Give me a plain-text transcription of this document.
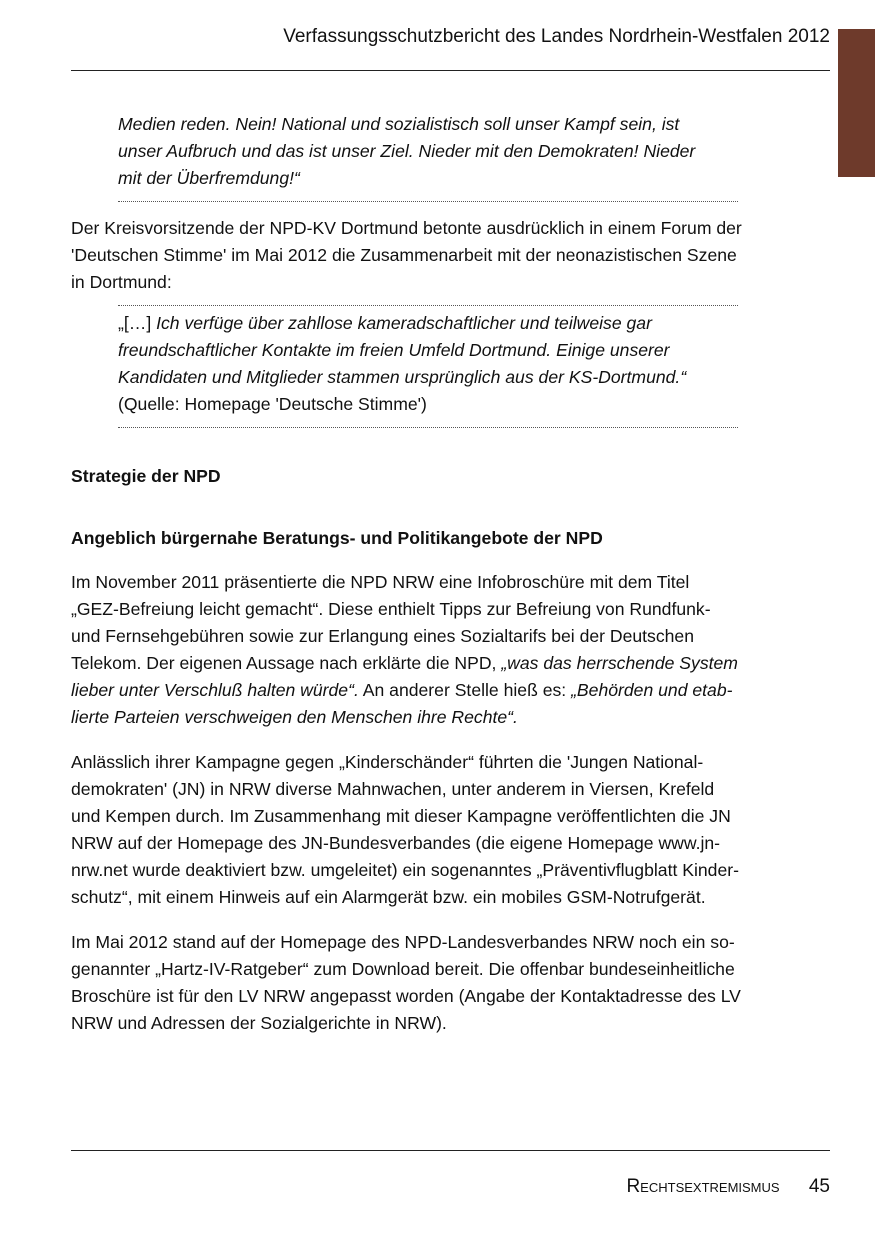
Verfassungsschutzbericht des Landes Nordrhein-Westfalen 2012

Medien reden. Nein! National und sozialistisch soll unser Kampf sein, ist

unser Aufbruch und das ist unser Ziel. Nieder mit den Demokraten! Nieder

mit der Überfremdung!“

Der Kreisvorsitzende der NPD-KV Dortmund betonte ausdrücklich in einem Forum der

'Deutschen Stimme' im Mai 2012 die Zusammenarbeit mit der neonazistischen Szene

in Dortmund:

„[…] Ich verfüge über zahllose kameradschaftlicher und teilweise gar

freundschaftlicher Kontakte im freien Umfeld Dortmund. Einige unserer

Kandidaten und Mitglieder stammen ursprünglich aus der KS-Dortmund.“

(Quelle: Homepage 'Deutsche Stimme')

Strategie der NPD

Angeblich bürgernahe Beratungs- und Politikangebote der NPD

Im November 2011 präsentierte die NPD NRW eine Infobroschüre mit dem Titel

„GEZ-Befreiung leicht gemacht“. Diese enthielt Tipps zur Befreiung von Rundfunk-

und Fernsehgebühren sowie zur Erlangung eines Sozialtarifs bei der Deutschen

Telekom. Der eigenen Aussage nach erklärte die NPD, „was das herrschende System

lieber unter Verschluß halten würde“. An anderer Stelle hieß es: „Behörden und etab-

lierte Parteien verschweigen den Menschen ihre Rechte“.

Anlässlich ihrer Kampagne gegen „Kinderschänder“ führten die 'Jungen National-

demokraten' (JN) in NRW diverse Mahnwachen, unter anderem in Viersen, Krefeld

und Kempen durch. Im Zusammenhang mit dieser Kampagne veröffentlichten die JN

NRW auf der Homepage des JN-Bundesverbandes (die eigene Homepage www.jn-

nrw.net wurde deaktiviert bzw. umgeleitet) ein sogenanntes „Präventivflugblatt Kinder-

schutz“, mit einem Hinweis auf ein Alarmgerät bzw. ein mobiles GSM-Notrufgerät.

Im Mai 2012 stand auf der Homepage des NPD-Landesverbandes NRW noch ein so-

genannter „Hartz-IV-Ratgeber“ zum Download bereit. Die offenbar bundeseinheitliche

Broschüre ist für den LV NRW angepasst worden (Angabe der Kontaktadresse des LV

NRW und Adressen der Sozialgerichte in NRW).

Rechtsextremismus 45
